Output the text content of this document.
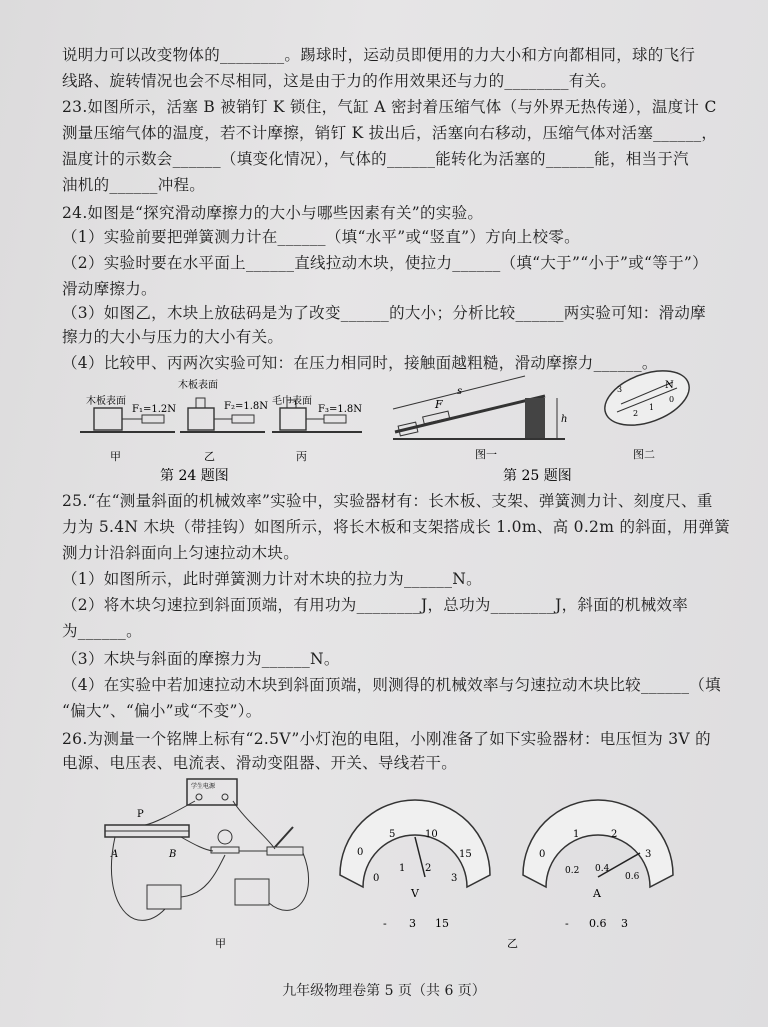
说明力可以改变物体的________。踢球时，运动员即便用的力大小和方向都相同，球的飞行
线路、旋转情况也会不尽相同，这是由于力的作用效果还与力的________有关。
23.如图所示，活塞 B 被销钉 K 锁住，气缸 A 密封着压缩气体（与外界无热传递），温度计 C
测量压缩气体的温度，若不计摩擦，销钉 K 拔出后，活塞向右移动，压缩气体对活塞______，
温度计的示数会______（填变化情况），气体的______能转化为活塞的______能，相当于汽
油机的______冲程。
24.如图是“探究滑动摩擦力的大小与哪些因素有关”的实验。
（1）实验前要把弹簧测力计在______（填“水平”或“竖直”）方向上校零。
（2）实验时要在水平面上______直线拉动木块，使拉力______（填“大于”“小于”或“等于”）
滑动摩擦力。
（3）如图乙，木块上放砝码是为了改变______的大小；分析比较______两实验可知：滑动摩
擦力的大小与压力的大小有关。
（4）比较甲、丙两次实验可知：在压力相同时，接触面越粗糙，滑动摩擦力______。
25.“在“测量斜面的机械效率”实验中，实验器材有：长木板、支架、弹簧测力计、刻度尺、重
力为 5.4N 木块（带挂钩）如图所示，将长木板和支架搭成长 1.0m、高 0.2m 的斜面，用弹簧
测力计沿斜面向上匀速拉动木块。
（1）如图所示，此时弹簧测力计对木块的拉力为______N。
（2）将木块匀速拉到斜面顶端，有用功为________J，总功为________J，斜面的机械效率
为______。
（3）木块与斜面的摩擦力为______N。
（4）在实验中若加速拉动木块到斜面顶端，则测得的机械效率与匀速拉动木块比较______（填
“偏大”、“偏小”或“不变”）。
26.为测量一个铭牌上标有“2.5V”小灯泡的电阻，小刚准备了如下实验器材：电压恒为 3V 的
电源、电压表、电流表、滑动变阻器、开关、导线若干。
木板表面
F₁=1.2N
甲
木板表面
F₂=1.8N
乙
毛巾表面
F₃=1.8N
丙
第 24 题图
s
F
h
图一
N
0
1
2
3
图二
第 25 题图
学生电源
P
A	B
甲
0
5	10
15
0
1 2
3
V
- 3 15
乙
0
1	2
3
0.2 0.4
0.6
A
- 0.6 3
九年级物理卷第 5 页（共 6 页）
